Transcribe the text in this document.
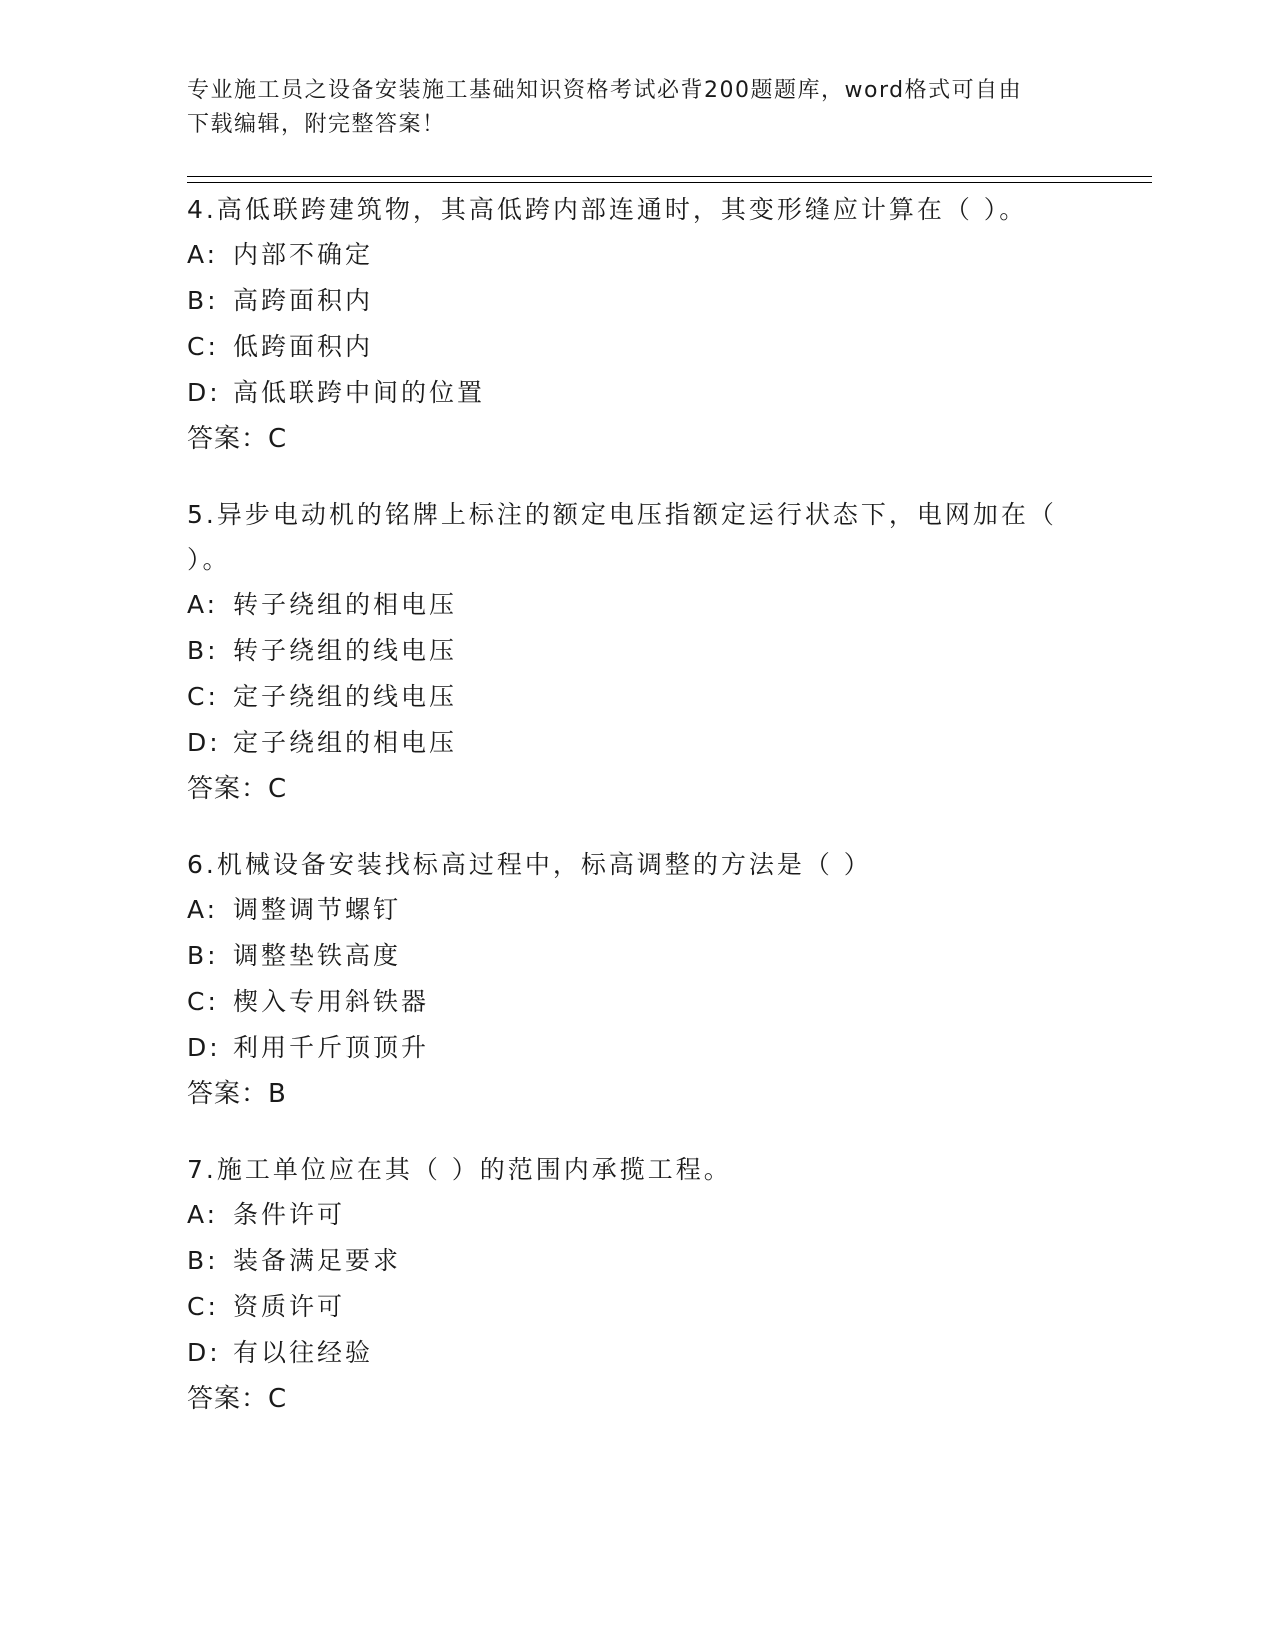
专业施工员之设备安装施工基础知识资格考试必背200题题库，word格式可自由
下载编辑，附完整答案！
4.高低联跨建筑物，其高低跨内部连通时，其变形缝应计算在（ ）。
A: 内部不确定
B: 高跨面积内
C: 低跨面积内
D: 高低联跨中间的位置
答案：C
5.异步电动机的铭牌上标注的额定电压指额定运行状态下，电网加在（ ）。
A: 转子绕组的相电压
B: 转子绕组的线电压
C: 定子绕组的线电压
D: 定子绕组的相电压
答案：C
6.机械设备安装找标高过程中，标高调整的方法是（ ）
A: 调整调节螺钉
B: 调整垫铁高度
C: 楔入专用斜铁器
D: 利用千斤顶顶升
答案：B
7.施工单位应在其（ ）的范围内承揽工程。
A: 条件许可
B: 装备满足要求
C: 资质许可
D: 有以往经验
答案：C
